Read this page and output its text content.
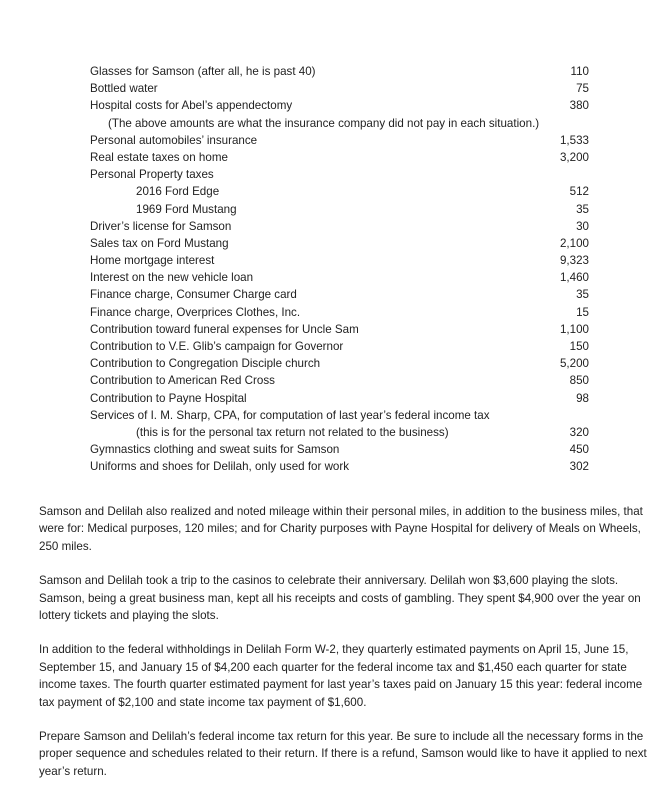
Glasses for Samson (after all, he is past 40)	110
Bottled water	75
Hospital costs for Abel’s appendectomy	380
(The above amounts are what the insurance company did not pay in each situation.)
Personal automobiles’ insurance	1,533
Real estate taxes on home	3,200
Personal Property taxes
2016 Ford Edge	512
1969 Ford Mustang	35
Driver’s license for Samson	30
Sales tax on Ford Mustang	2,100
Home mortgage interest	9,323
Interest on the new vehicle loan	1,460
Finance charge, Consumer Charge card	35
Finance charge, Overprices Clothes, Inc.	15
Contribution toward funeral expenses for Uncle Sam	1,100
Contribution to V.E. Glib’s campaign for Governor	150
Contribution to Congregation Disciple church	5,200
Contribution to American Red Cross	850
Contribution to Payne Hospital	98
Services of I. M. Sharp, CPA, for computation of last year’s federal income tax
(this is for the personal tax return not related to the business)	320
Gymnastics clothing and sweat suits for Samson	450
Uniforms and shoes for Delilah, only used for work	302

Samson and Delilah also realized and noted mileage within their personal miles, in addition to the business miles, that were for: Medical purposes, 120 miles; and for Charity purposes with Payne Hospital for delivery of Meals on Wheels, 250 miles.

Samson and Delilah took a trip to the casinos to celebrate their anniversary. Delilah won $3,600 playing the slots. Samson, being a great business man, kept all his receipts and costs of gambling. They spent $4,900 over the year on lottery tickets and playing the slots.

In addition to the federal withholdings in Delilah Form W-2, they quarterly estimated payments on April 15, June 15, September 15, and January 15 of $4,200 each quarter for the federal income tax and $1,450 each quarter for state income taxes. The fourth quarter estimated payment for last year’s taxes paid on January 15 this year: federal income tax payment of $2,100 and state income tax payment of $1,600.

Prepare Samson and Delilah’s federal income tax return for this year. Be sure to include all the necessary forms in the proper sequence and schedules related to their return. If there is a refund, Samson would like to have it applied to next year’s return.
